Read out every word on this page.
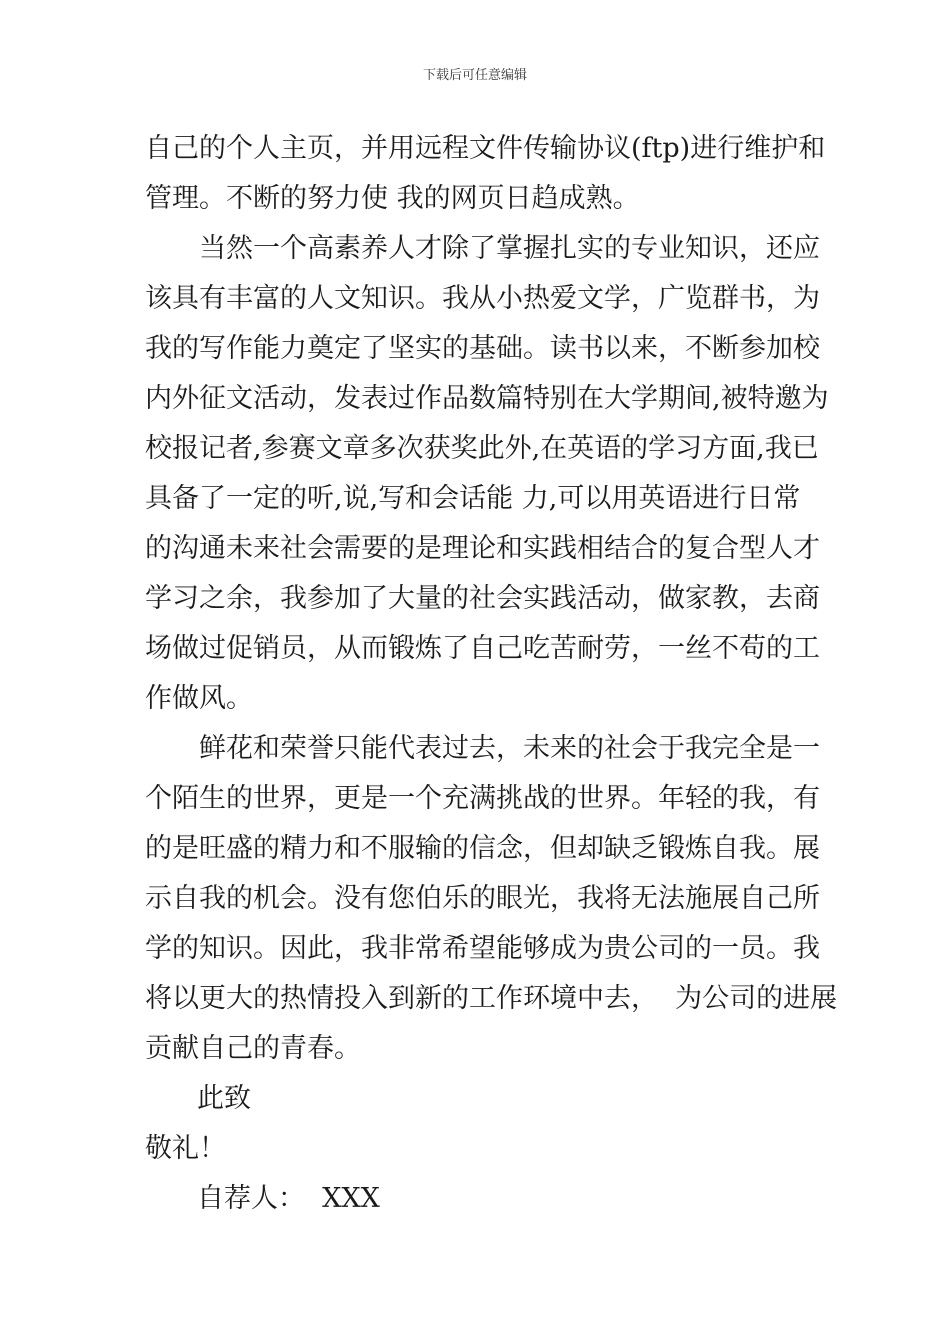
下载后可任意编辑
自己的个人主页，并用远程文件传输协议(ftp)进行维护和
管理。不断的努力使 我的网页日趋成熟。
当然一个高素养人才除了掌握扎实的专业知识，还应
该具有丰富的人文知识。我从小热爱文学，广览群书，为
我的写作能力奠定了坚实的基础。读书以来，不断参加校
内外征文活动，发表过作品数篇特别在大学期间,被特邀为
校报记者,参赛文章多次获奖此外,在英语的学习方面,我已
具备了一定的听,说,写和会话能 力,可以用英语进行日常
的沟通未来社会需要的是理论和实践相结合的复合型人才
学习之余，我参加了大量的社会实践活动，做家教，去商
场做过促销员，从而锻炼了自己吃苦耐劳，一丝不苟的工
作做风。
鲜花和荣誉只能代表过去，未来的社会于我完全是一
个陌生的世界，更是一个充满挑战的世界。年轻的我，有
的是旺盛的精力和不服输的信念，但却缺乏锻炼自我。展
示自我的机会。没有您伯乐的眼光，我将无法施展自己所
学的知识。因此，我非常希望能够成为贵公司的一员。我
将以更大的热情投入到新的工作环境中去，  为公司的进展
贡献自己的青春。
此致
敬礼！
自荐人：  XXX
